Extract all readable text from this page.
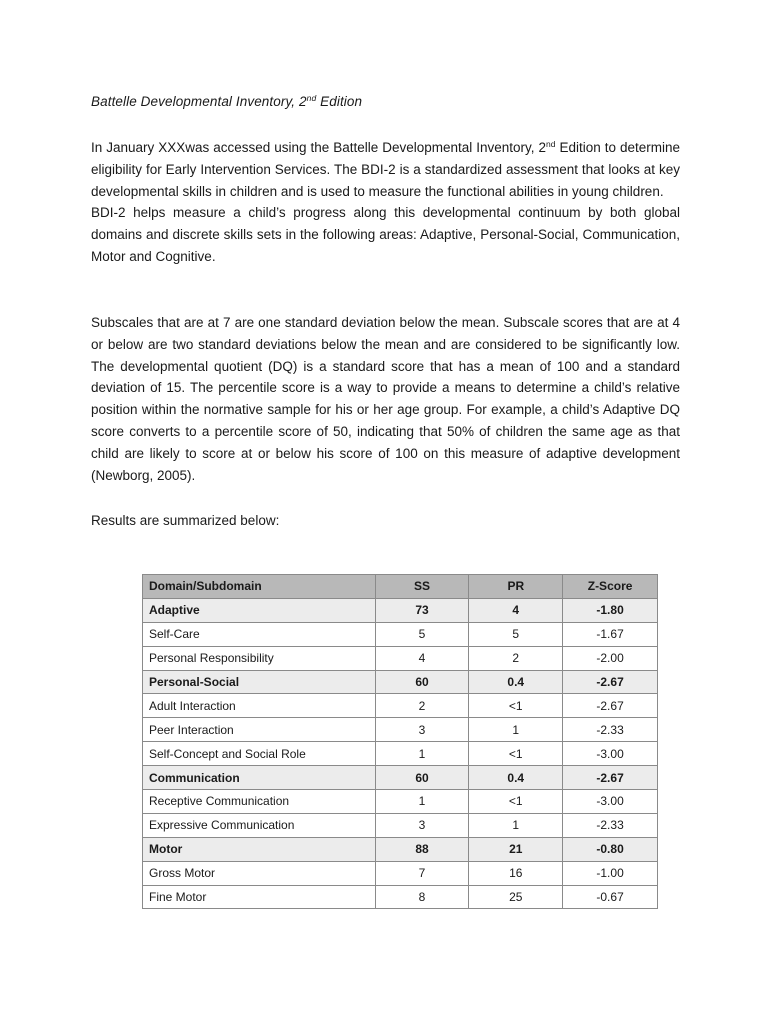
Battelle Developmental Inventory, 2nd Edition

In January XXXwas accessed using the Battelle Developmental Inventory, 2nd Edition to determine eligibility for Early Intervention Services. The BDI-2 is a standardized assessment that looks at key developmental skills in children and is used to measure the functional abilities in young children.

BDI-2 helps measure a child’s progress along this developmental continuum by both global domains and discrete skills sets in the following areas: Adaptive, Personal-Social, Communication, Motor and Cognitive.

Subscales that are at 7 are one standard deviation below the mean. Subscale scores that are at 4 or below are two standard deviations below the mean and are considered to be significantly low. The developmental quotient (DQ) is a standard score that has a mean of 100 and a standard deviation of 15. The percentile score is a way to provide a means to determine a child’s relative position within the normative sample for his or her age group. For example, a child’s Adaptive DQ score converts to a percentile score of 50, indicating that 50% of children the same age as that child are likely to score at or below his score of 100 on this measure of adaptive development (Newborg, 2005).
Results are summarized below:
Domain/Subdomain	SS	PR	Z-Score
Adaptive	73	4	-1.80
Self-Care	5	5	-1.67
Personal Responsibility	4	2	-2.00
Personal-Social	60	0.4	-2.67
Adult Interaction	2	<1	-2.67
Peer Interaction	3	1	-2.33
Self-Concept and Social Role	1	<1	-3.00
Communication	60	0.4	-2.67
Receptive Communication	1	<1	-3.00
Expressive Communication	3	1	-2.33
Motor	88	21	-0.80
Gross Motor	7	16	-1.00
Fine Motor	8	25	-0.67
